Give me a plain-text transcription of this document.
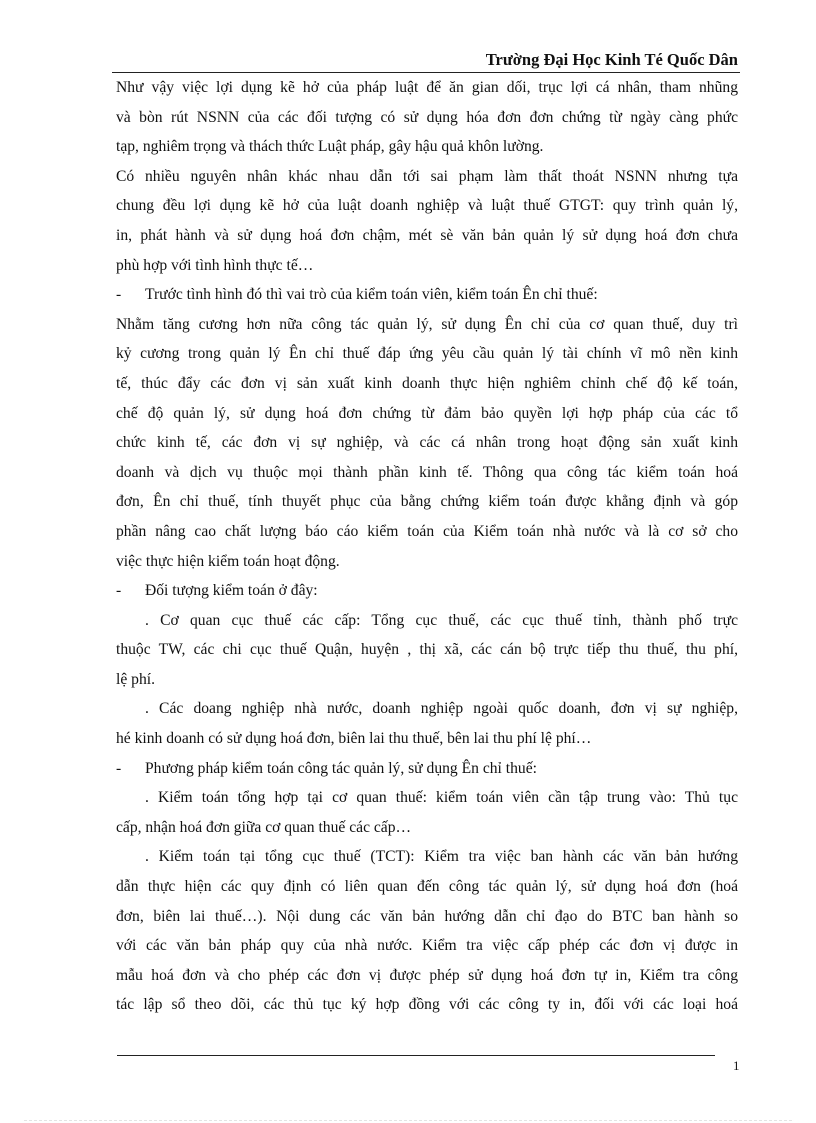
Trường Đại Học Kinh Té Quốc Dân
Như vậy việc lợi dụng kẽ hở của pháp luật để ăn gian dối, trục lợi cá nhân, tham nhũng
và bòn rút NSNN của các đối tượng có sử dụng hóa đơn đơn chứng từ ngày càng phức
tạp, nghiêm trọng và thách thức Luật pháp, gây hậu quả khôn lường.
Có nhiều nguyên nhân khác nhau dẫn tới sai phạm làm thất thoát NSNN nhưng tựa
chung đều lợi dụng kẽ hở của luật doanh nghiệp và luật thuế GTGT: quy trình quản lý,
in, phát hành và sử dụng hoá đơn chậm, mét sè văn bản quản lý sử dụng hoá đơn chưa
phù hợp với tình hình thực tế…
- Trước tình hình đó thì vai trò của kiểm toán viên, kiểm toán Ên chỉ thuế:
Nhằm tăng cương hơn nữa công tác quản lý, sử dụng Ên chỉ của cơ quan thuế, duy trì
kỷ cương trong quản lý Ên chỉ thuế đáp ứng yêu cầu quản lý tài chính vĩ mô nền kinh
tế, thúc đẩy các đơn vị sản xuất kinh doanh thực hiện nghiêm chỉnh chế độ kế toán,
chế độ quản lý, sử dụng hoá đơn chứng từ đảm bảo quyền lợi hợp pháp của các tổ
chức kinh tế, các đơn vị sự nghiệp, và các cá nhân trong hoạt động sản xuất kinh
doanh và dịch vụ thuộc mọi thành phần kinh tế. Thông qua công tác kiểm toán hoá
đơn, Ên chỉ thuế, tính thuyết phục của bằng chứng kiểm toán được khẳng định và góp
phần nâng cao chất lượng báo cáo kiểm toán của Kiểm toán nhà nước và là cơ sở cho
việc thực hiện kiểm toán hoạt động.
- Đối tượng kiểm toán ở đây:
. Cơ quan cục thuế các cấp: Tổng cục thuế, các cục thuế tỉnh, thành phố trực
thuộc TW, các chi cục thuế Quận, huyện , thị xã, các cán bộ trực tiếp thu thuế, thu phí,
lệ phí.
. Các doang nghiệp nhà nước, doanh nghiệp ngoài quốc doanh, đơn vị sự nghiệp,
hé kinh doanh có sử dụng hoá đơn, biên lai thu thuế, bên lai thu phí lệ phí…
- Phương pháp kiểm toán công tác quản lý, sử dụng Ên chỉ thuế:
. Kiểm toán tổng hợp tại cơ quan thuế: kiểm toán viên cần tập trung vào: Thủ tục
cấp, nhận hoá đơn giữa cơ quan thuế các cấp…
. Kiểm toán tại tổng cục thuế (TCT): Kiểm tra việc ban hành các văn bản hướng
dẫn thực hiện các quy định có liên quan đến công tác quản lý, sử dụng hoá đơn (hoá
đơn, biên lai thuế…). Nội dung các văn bản hướng dẫn chỉ đạo do BTC ban hành so
với các văn bản pháp quy của nhà nước. Kiểm tra việc cấp phép các đơn vị được in
mẫu hoá đơn và cho phép các đơn vị được phép sử dụng hoá đơn tự in, Kiểm tra công
tác lập sổ theo dõi, các thủ tục ký hợp đồng với các công ty in, đối với các loại hoá
1
